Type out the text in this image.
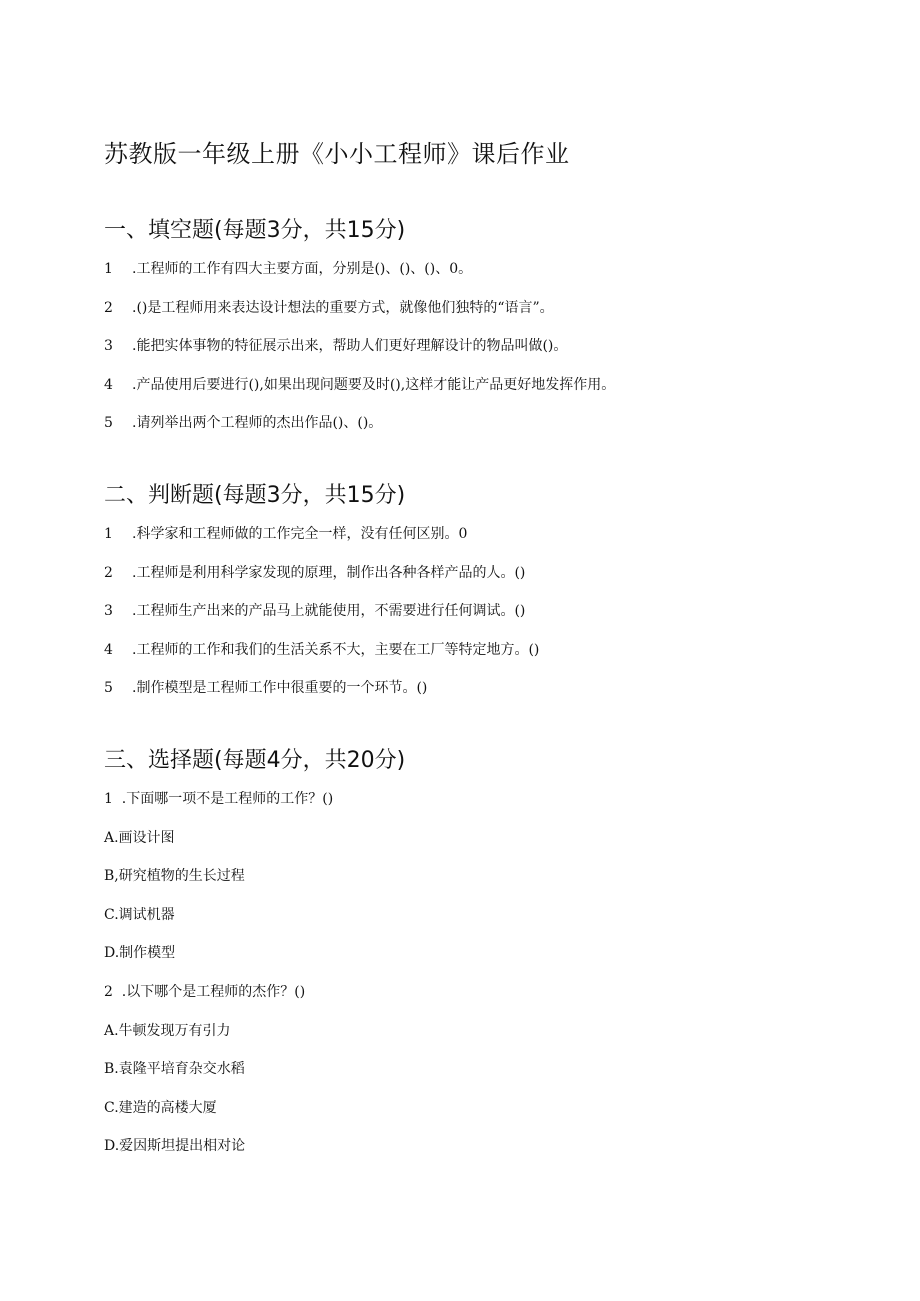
苏教版一年级上册《小小工程师》课后作业
一、填空题(每题3分，共15分)
1 .工程师的工作有四大主要方面，分别是()、()、()、0。
2 .()是工程师用来表达设计想法的重要方式，就像他们独特的“语言”。
3 .能把实体事物的特征展示出来，帮助人们更好理解设计的物品叫做()。
4 .产品使用后要进行(),如果出现问题要及时(),这样才能让产品更好地发挥作用。
5 .请列举出两个工程师的杰出作品()、()。
二、判断题(每题3分，共15分)
1 .科学家和工程师做的工作完全一样，没有任何区别。0
2 .工程师是利用科学家发现的原理，制作出各种各样产品的人。()
3 .工程师生产出来的产品马上就能使用，不需要进行任何调试。()
4 .工程师的工作和我们的生活关系不大，主要在工厂等特定地方。()
5 .制作模型是工程师工作中很重要的一个环节。()
三、选择题(每题4分，共20分)
1  .下面哪一项不是工程师的工作？()
A.画设计图
B,研究植物的生长过程
C.调试机器
D.制作模型
2  .以下哪个是工程师的杰作？()
A.牛顿发现万有引力
B.袁隆平培育杂交水稻
C.建造的高楼大厦
D.爱因斯坦提出相对论
